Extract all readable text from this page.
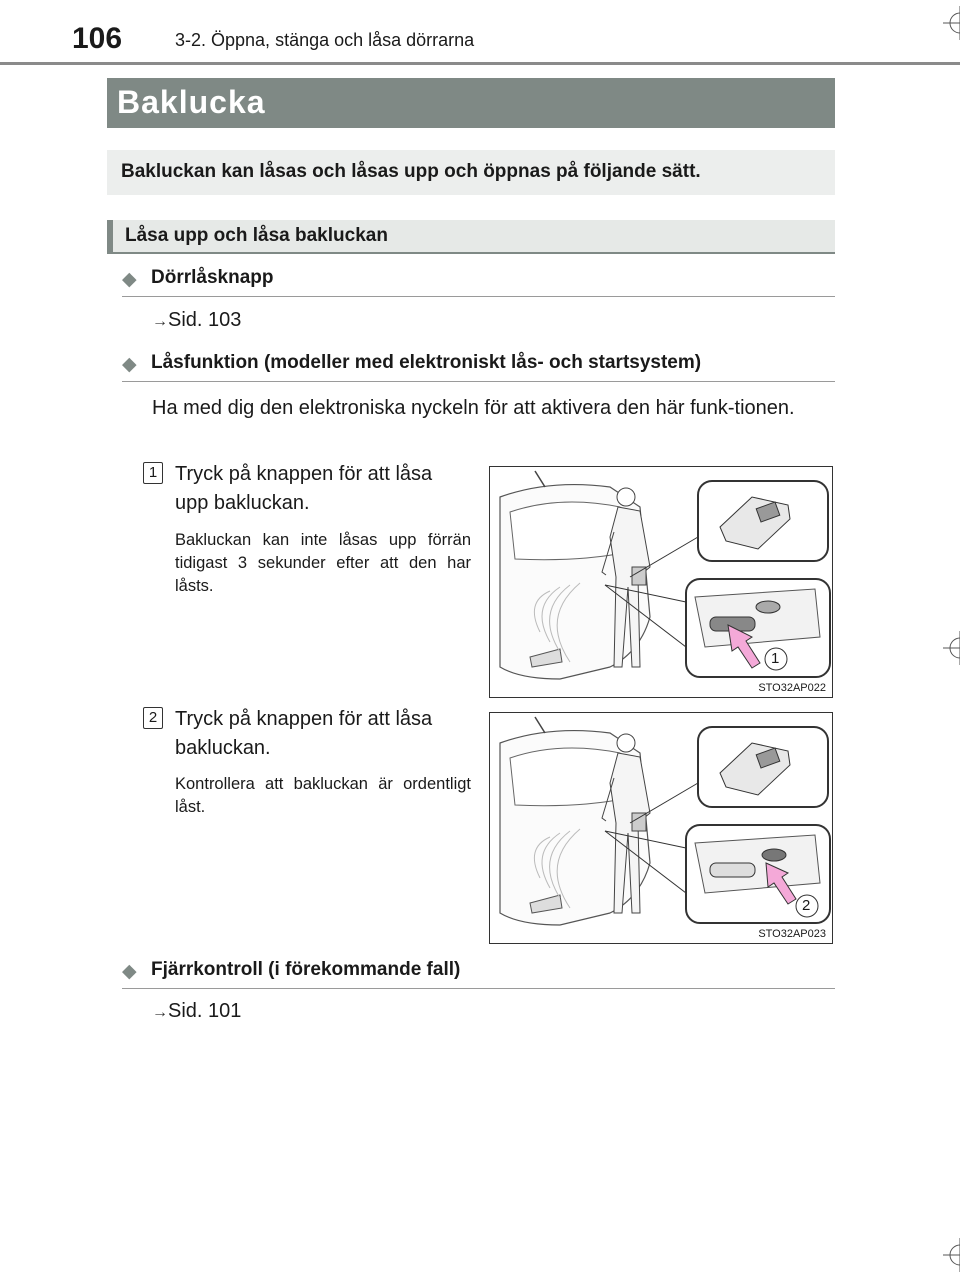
106	3-2. Öppna, stänga och låsa dörrarna
Baklucka
Bakluckan kan låsas och låsas upp och öppnas på följande sätt.
Låsa upp och låsa bakluckan
◆ Dörrlåsknapp
→Sid. 103
◆ Låsfunktion (modeller med elektroniskt lås- och startsystem)
Ha med dig den elektroniska nyckeln för att aktivera den här funk-tionen.
1 Tryck på knappen för att låsa upp bakluckan.
Bakluckan kan inte låsas upp förrän tidigast 3 sekunder efter att den har låsts.
1
STO32AP022
2 Tryck på knappen för att låsa bakluckan.
Kontrollera att bakluckan är ordentligt låst.
2
STO32AP023
◆ Fjärrkontroll (i förekommande fall)
→Sid. 101
